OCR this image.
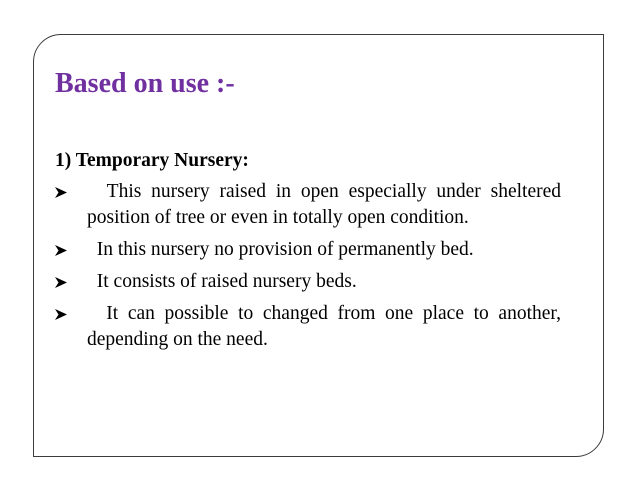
Based on use :-
1) Temporary Nursery:
This nursery raised in open especially under sheltered position of tree or even in totally open condition.
In this nursery no provision of permanently bed.
It consists of raised nursery beds.
It can possible to changed from one place to another, depending on the need.
